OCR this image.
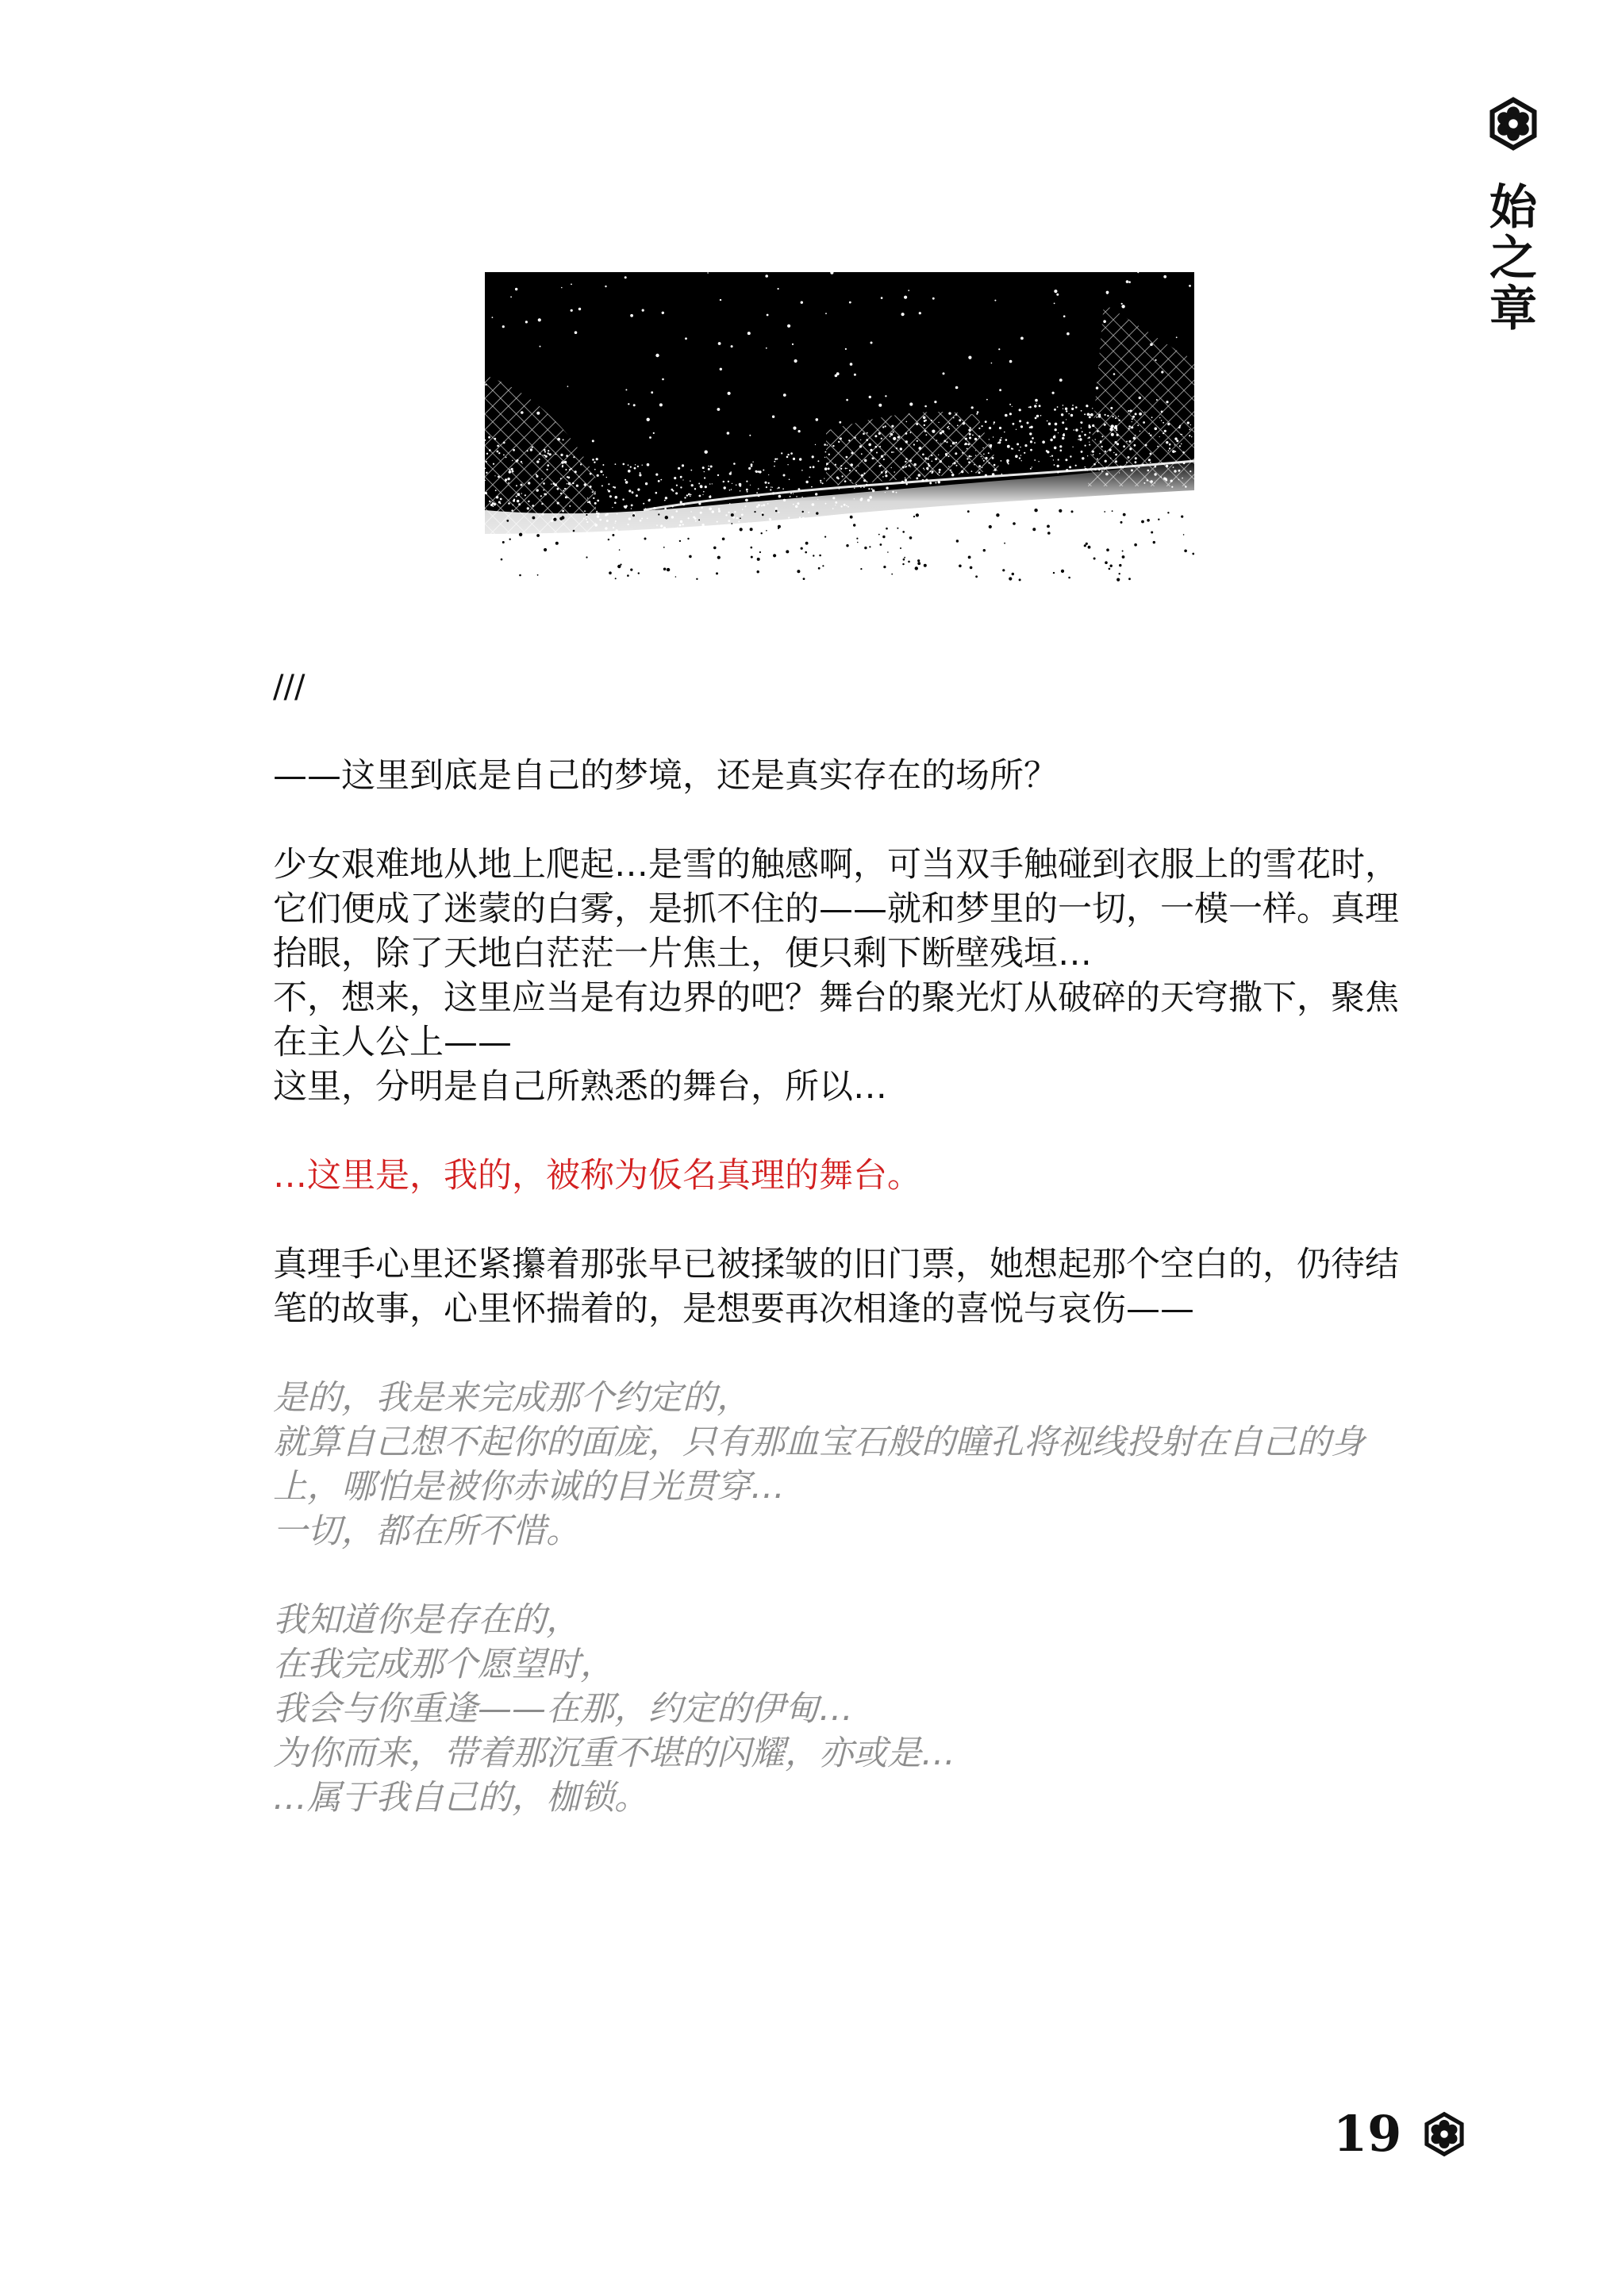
始之章

///

——这里到底是自己的梦境，还是真实存在的场所？

少女艰难地从地上爬起…是雪的触感啊，可当双手触碰到衣服上的雪花时，它们便成了迷蒙的白雾，是抓不住的——就和梦里的一切，一模一样。真理抬眼，除了天地白茫茫一片焦土，便只剩下断壁残垣…

不，想来，这里应当是有边界的吧？舞台的聚光灯从破碎的天穹撒下，聚焦在主人公上——

这里，分明是自己所熟悉的舞台，所以…

…这里是，我的，被称为仮名真理的舞台。

真理手心里还紧攥着那张早已被揉皱的旧门票，她想起那个空白的，仍待结笔的故事，心里怀揣着的，是想要再次相逢的喜悦与哀伤——

是的，我是来完成那个约定的，

就算自己想不起你的面庞，只有那血宝石般的瞳孔将视线投射在自己的身上，哪怕是被你赤诚的目光贯穿…

一切，都在所不惜。

我知道你是存在的，

在我完成那个愿望时，

我会与你重逢——在那，约定的伊甸…

为你而来，带着那沉重不堪的闪耀，亦或是…

…属于我自己的，枷锁。

19
